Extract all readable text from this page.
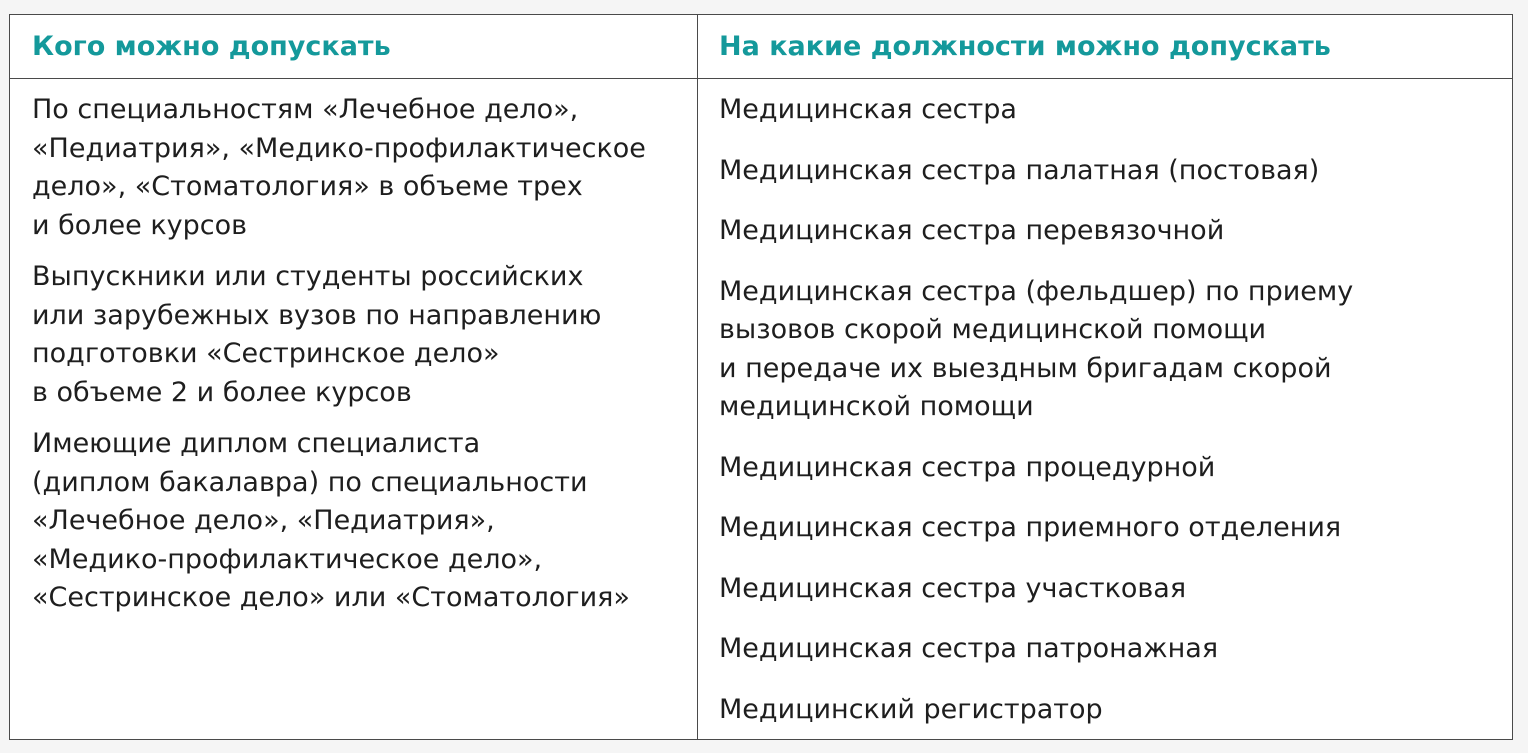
Кого можно допускать	На какие должности можно допускать
По специальностям «Лечебное дело»,
«Педиатрия», «Медико-профилактическое
дело», «Стоматология» в объеме трех
и более курсов
Выпускники или студенты российских
или зарубежных вузов по направлению
подготовки «Сестринское дело»
в объеме 2 и более курсов
Имеющие диплом специалиста
(диплом бакалавра) по специальности
«Лечебное дело», «Педиатрия»,
«Медико-профилактическое дело»,
«Сестринское дело» или «Стоматология»
Медицинская сестра
Медицинская сестра палатная (постовая)
Медицинская сестра перевязочной
Медицинская сестра (фельдшер) по приему
вызовов скорой медицинской помощи
и передаче их выездным бригадам скорой
медицинской помощи
Медицинская сестра процедурной
Медицинская сестра приемного отделения
Медицинская сестра участковая
Медицинская сестра патронажная
Медицинский регистратор
